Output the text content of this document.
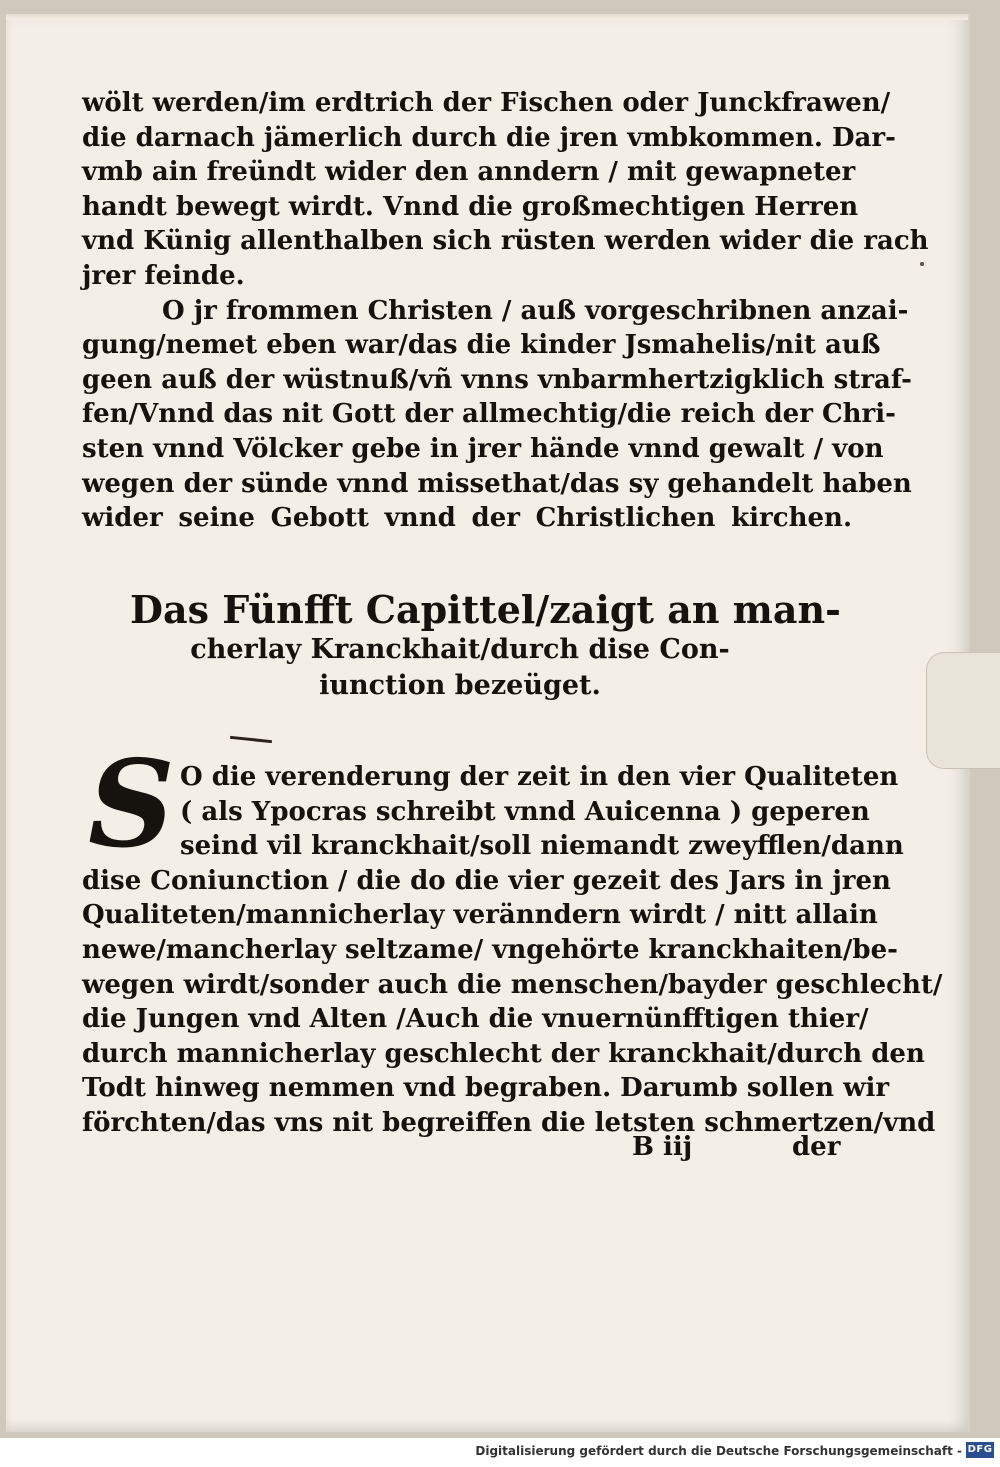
wölt werden/im erdtrich der Fischen oder Junckfrawen/
die darnach jämerlich durch die jren vmbkommen. Dar-
vmb ain freündt wider den anndern / mit gewapneter
handt bewegt wirdt. Vnnd die großmechtigen Herren
vnd Künig allenthalben sich rüsten werden wider die rach
jrer feinde.
O jr frommen Christen / auß vorgeschribnen anzai-
gung/nemet eben war/das die kinder Jsmahelis/nit auß
geen auß der wüstnuß/vñ vnns vnbarmhertzigklich straf-
fen/Vnnd das nit Gott der allmechtig/die reich der Chri-
sten vnnd Völcker gebe in jrer hände vnnd gewalt / von
wegen der sünde vnnd missethat/das sy gehandelt haben
wider seine Gebott vnnd der Christlichen kirchen.
Das Fünfft Capittel/zaigt an man-
cherlay Kranckhait/durch dise Con-
iunction bezeüget.
S O die verenderung der zeit in den vier Qualiteten
( als Ypocras schreibt vnnd Auicenna ) geperen
seind vil kranckhait/soll niemandt zweyfflen/dann
dise Coniunction / die do die vier gezeit des Jars in jren
Qualiteten/mannicherlay veränndern wirdt / nitt allain
newe/mancherlay seltzame/ vngehörte kranckhaiten/be-
wegen wirdt/sonder auch die menschen/bayder geschlecht/
die Jungen vnd Alten /Auch die vnuernünfftigen thier/
durch mannicherlay geschlecht der kranckhait/durch den
Todt hinweg nemmen vnd begraben. Darumb sollen wir
förchten/das vns nit begreiffen die letsten schmertzen/vnd
B iij	der
Digitalisierung gefördert durch die Deutsche Forschungsgemeinschaft - DFG
